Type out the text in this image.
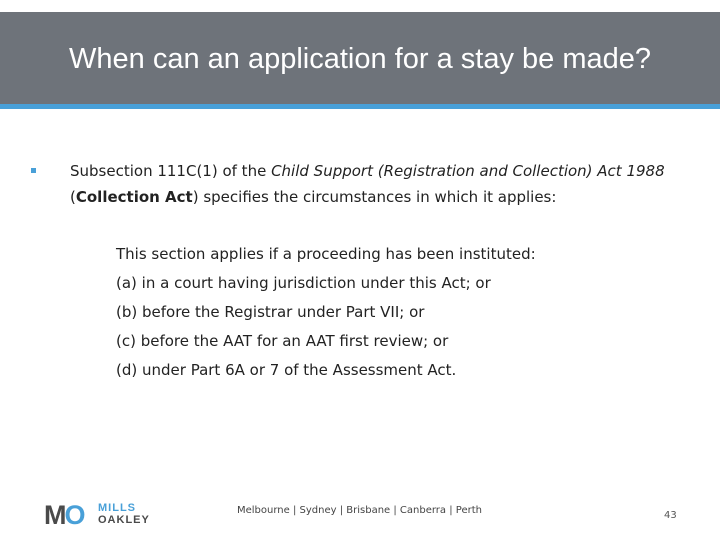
When can an application for a stay be made?

Subsection 111C(1) of the Child Support (Registration and Collection) Act 1988 (Collection Act) specifies the circumstances in which it applies:

This section applies if a proceeding has been instituted:
(a) in a court having jurisdiction under this Act; or
(b) before the Registrar under Part VII; or
(c) before the AAT for an AAT first review; or
(d) under Part 6A or 7 of the Assessment Act.
MO MILLS
OAKLEY
Melbourne | Sydney | Brisbane | Canberra | Perth	43
